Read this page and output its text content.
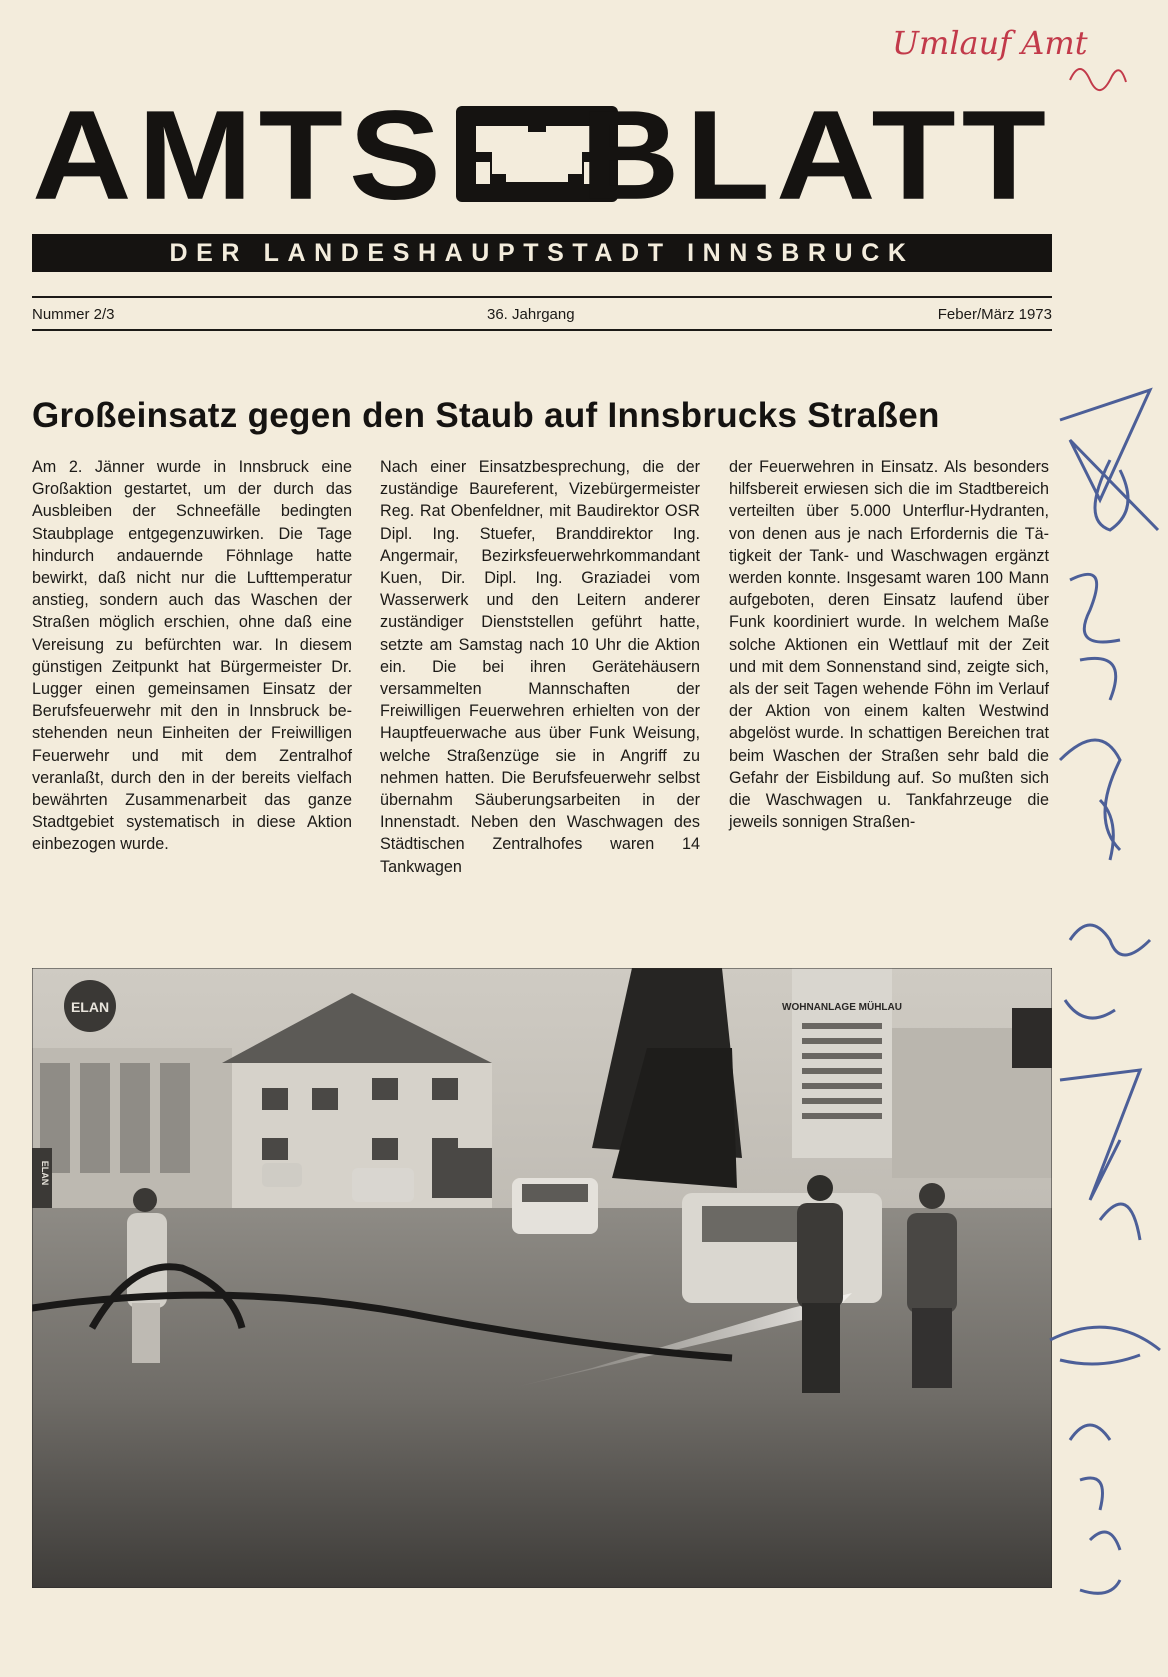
AMTS BLATT
DER LANDESHAUPTSTADT INNSBRUCK
Nummer 2/3	36. Jahrgang	Feber/März 1973
Großeinsatz gegen den Staub auf Innsbrucks Straßen
Am 2. Jänner wurde in Innsbruck eine Großaktion gestartet, um der durch das Ausbleiben der Schneefälle bedingten Staubplage entgegenzuwirken. Die Tage hindurch andauernde Föhnlage hatte bewirkt, daß nicht nur die Lufttemperatur anstieg, sondern auch das Waschen der Straßen möglich erschien, ohne daß eine Vereisung zu befürchten war. In diesem günstigen Zeitpunkt hat Bürgermeister Dr. Lugger einen gemeinsamen Einsatz der Berufsfeuerwehr mit den in Innsbruck bestehenden neun Einheiten der Freiwilligen Feuerwehr und mit dem Zentralhof veranlaßt, durch den in der bereits vielfach bewährten Zusammenarbeit das ganze Stadtgebiet systematisch in diese Aktion einbezogen wurde.
Nach einer Einsatzbesprechung, die der zuständige Baureferent, Vizebürgermeister Reg. Rat Obenfeldner, mit Baudirektor OSR Dipl. Ing. Stuefer, Branddirektor Ing. Angermair, Bezirksfeuerwehrkommandant Kuen, Dir. Dipl. Ing. Graziadei vom Wasserwerk und den Leitern anderer zuständiger Dienststellen geführt hatte, setzte am Samstag nach 10 Uhr die Aktion ein. Die bei ihren Gerätehäusern versammelten Mannschaften der Freiwilligen Feuerwehren erhielten von der Hauptfeuerwache aus über Funk Weisung, welche Straßenzüge sie in Angriff zu nehmen hatten. Die Berufsfeuerwehr selbst übernahm Säuberungsarbeiten in der Innenstadt. Neben den Waschwagen des Städtischen Zentralhofes waren 14 Tankwagen
der Feuerwehren in Einsatz. Als besonders hilfsbereit erwiesen sich die im Stadtbereich verteilten über 5.000 Unterflur-Hydranten, von denen aus je nach Erfordernis die Tätigkeit der Tank- und Waschwagen ergänzt werden konnte. Insgesamt waren 100 Mann aufgeboten, deren Einsatz laufend über Funk koordiniert wurde. In welchem Maße solche Aktionen ein Wettlauf mit der Zeit und mit dem Sonnenstand sind, zeigte sich, als der seit Tagen wehende Föhn im Verlauf der Aktion von einem kalten Westwind abgelöst wurde. In schattigen Bereichen trat beim Waschen der Straßen sehr bald die Gefahr der Eisbildung auf. So mußten sich die Waschwagen u. Tankfahrzeuge die jeweils sonnigen Straßen-
ELAN	WOHNANLAGE MÜHLAU
ELAN
Umlauf Amt
